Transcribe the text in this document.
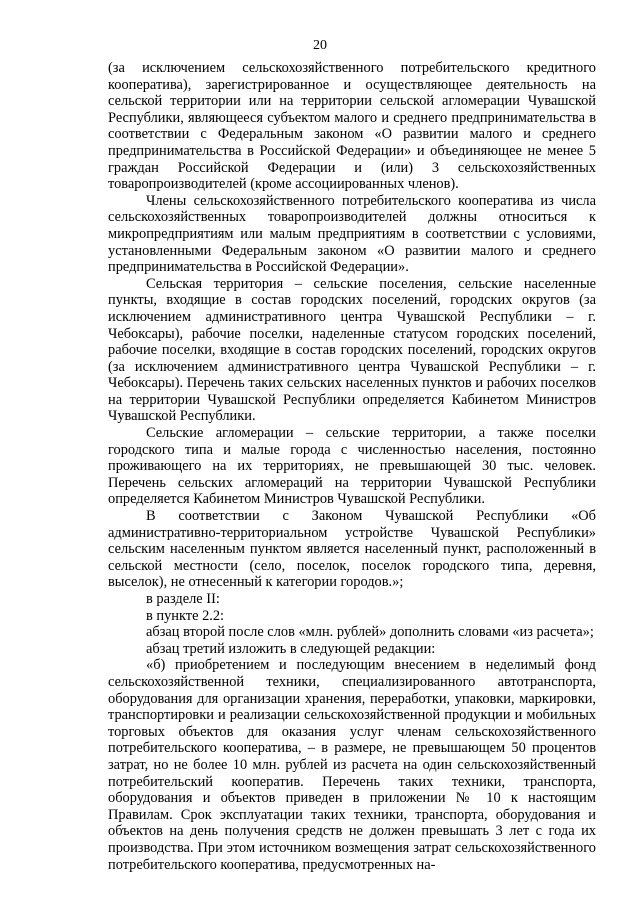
20

(за исключением сельскохозяйственного потребительского кредитного кооператива), зарегистрированное и осуществляющее деятельность на сельской территории или на территории сельской агломерации Чувашской Республики, являющееся субъектом малого и среднего предпринимательства в соответствии с Федеральным законом «О развитии малого и среднего предпринимательства в Российской Федерации» и объединяющее не менее 5 граждан Российской Федерации и (или) 3 сельскохозяйственных товаропроизводителей (кроме ассоциированных членов).

Члены сельскохозяйственного потребительского кооператива из числа сельскохозяйственных товаропроизводителей должны относиться к микропредприятиям или малым предприятиям в соответствии с условиями, установленными Федеральным законом «О развитии малого и среднего предпринимательства в Российской Федерации».

Сельская территория – сельские поселения, сельские населенные пункты, входящие в состав городских поселений, городских округов (за исключением административного центра Чувашской Республики – г. Чебоксары), рабочие поселки, наделенные статусом городских поселений, рабочие поселки, входящие в состав городских поселений, городских округов (за исключением административного центра Чувашской Республики – г. Чебоксары). Перечень таких сельских населенных пунктов и рабочих поселков на территории Чувашской Республики определяется Кабинетом Министров Чувашской Республики.

Сельские агломерации – сельские территории, а также поселки городского типа и малые города с численностью населения, постоянно проживающего на их территориях, не превышающей 30 тыс. человек. Перечень сельских агломераций на территории Чувашской Республики определяется Кабинетом Министров Чувашской Республики.

В соответствии с Законом Чувашской Республики «Об административно-территориальном устройстве Чувашской Республики» сельским населенным пунктом является населенный пункт, расположенный в сельской местности (село, поселок, поселок городского типа, деревня, выселок), не отнесенный к категории городов.»;

в разделе II:

в пункте 2.2:

абзац второй после слов «млн. рублей» дополнить словами «из расчета»;

абзац третий изложить в следующей редакции:

«б) приобретением и последующим внесением в неделимый фонд сельскохозяйственной техники, специализированного автотранспорта, оборудования для организации хранения, переработки, упаковки, маркировки, транспортировки и реализации сельскохозяйственной продукции и мобильных торговых объектов для оказания услуг членам сельскохозяйственного потребительского кооператива, – в размере, не превышающем 50 процентов затрат, но не более 10 млн. рублей из расчета на один сельскохозяйственный потребительский кооператив. Перечень таких техники, транспорта, оборудования и объектов приведен в приложении № 10 к настоящим Правилам. Срок эксплуатации таких техники, транспорта, оборудования и объектов на день получения средств не должен превышать 3 лет с года их производства. При этом источником возмещения затрат сельскохозяйственного потребительского кооператива, предусмотренных на-
